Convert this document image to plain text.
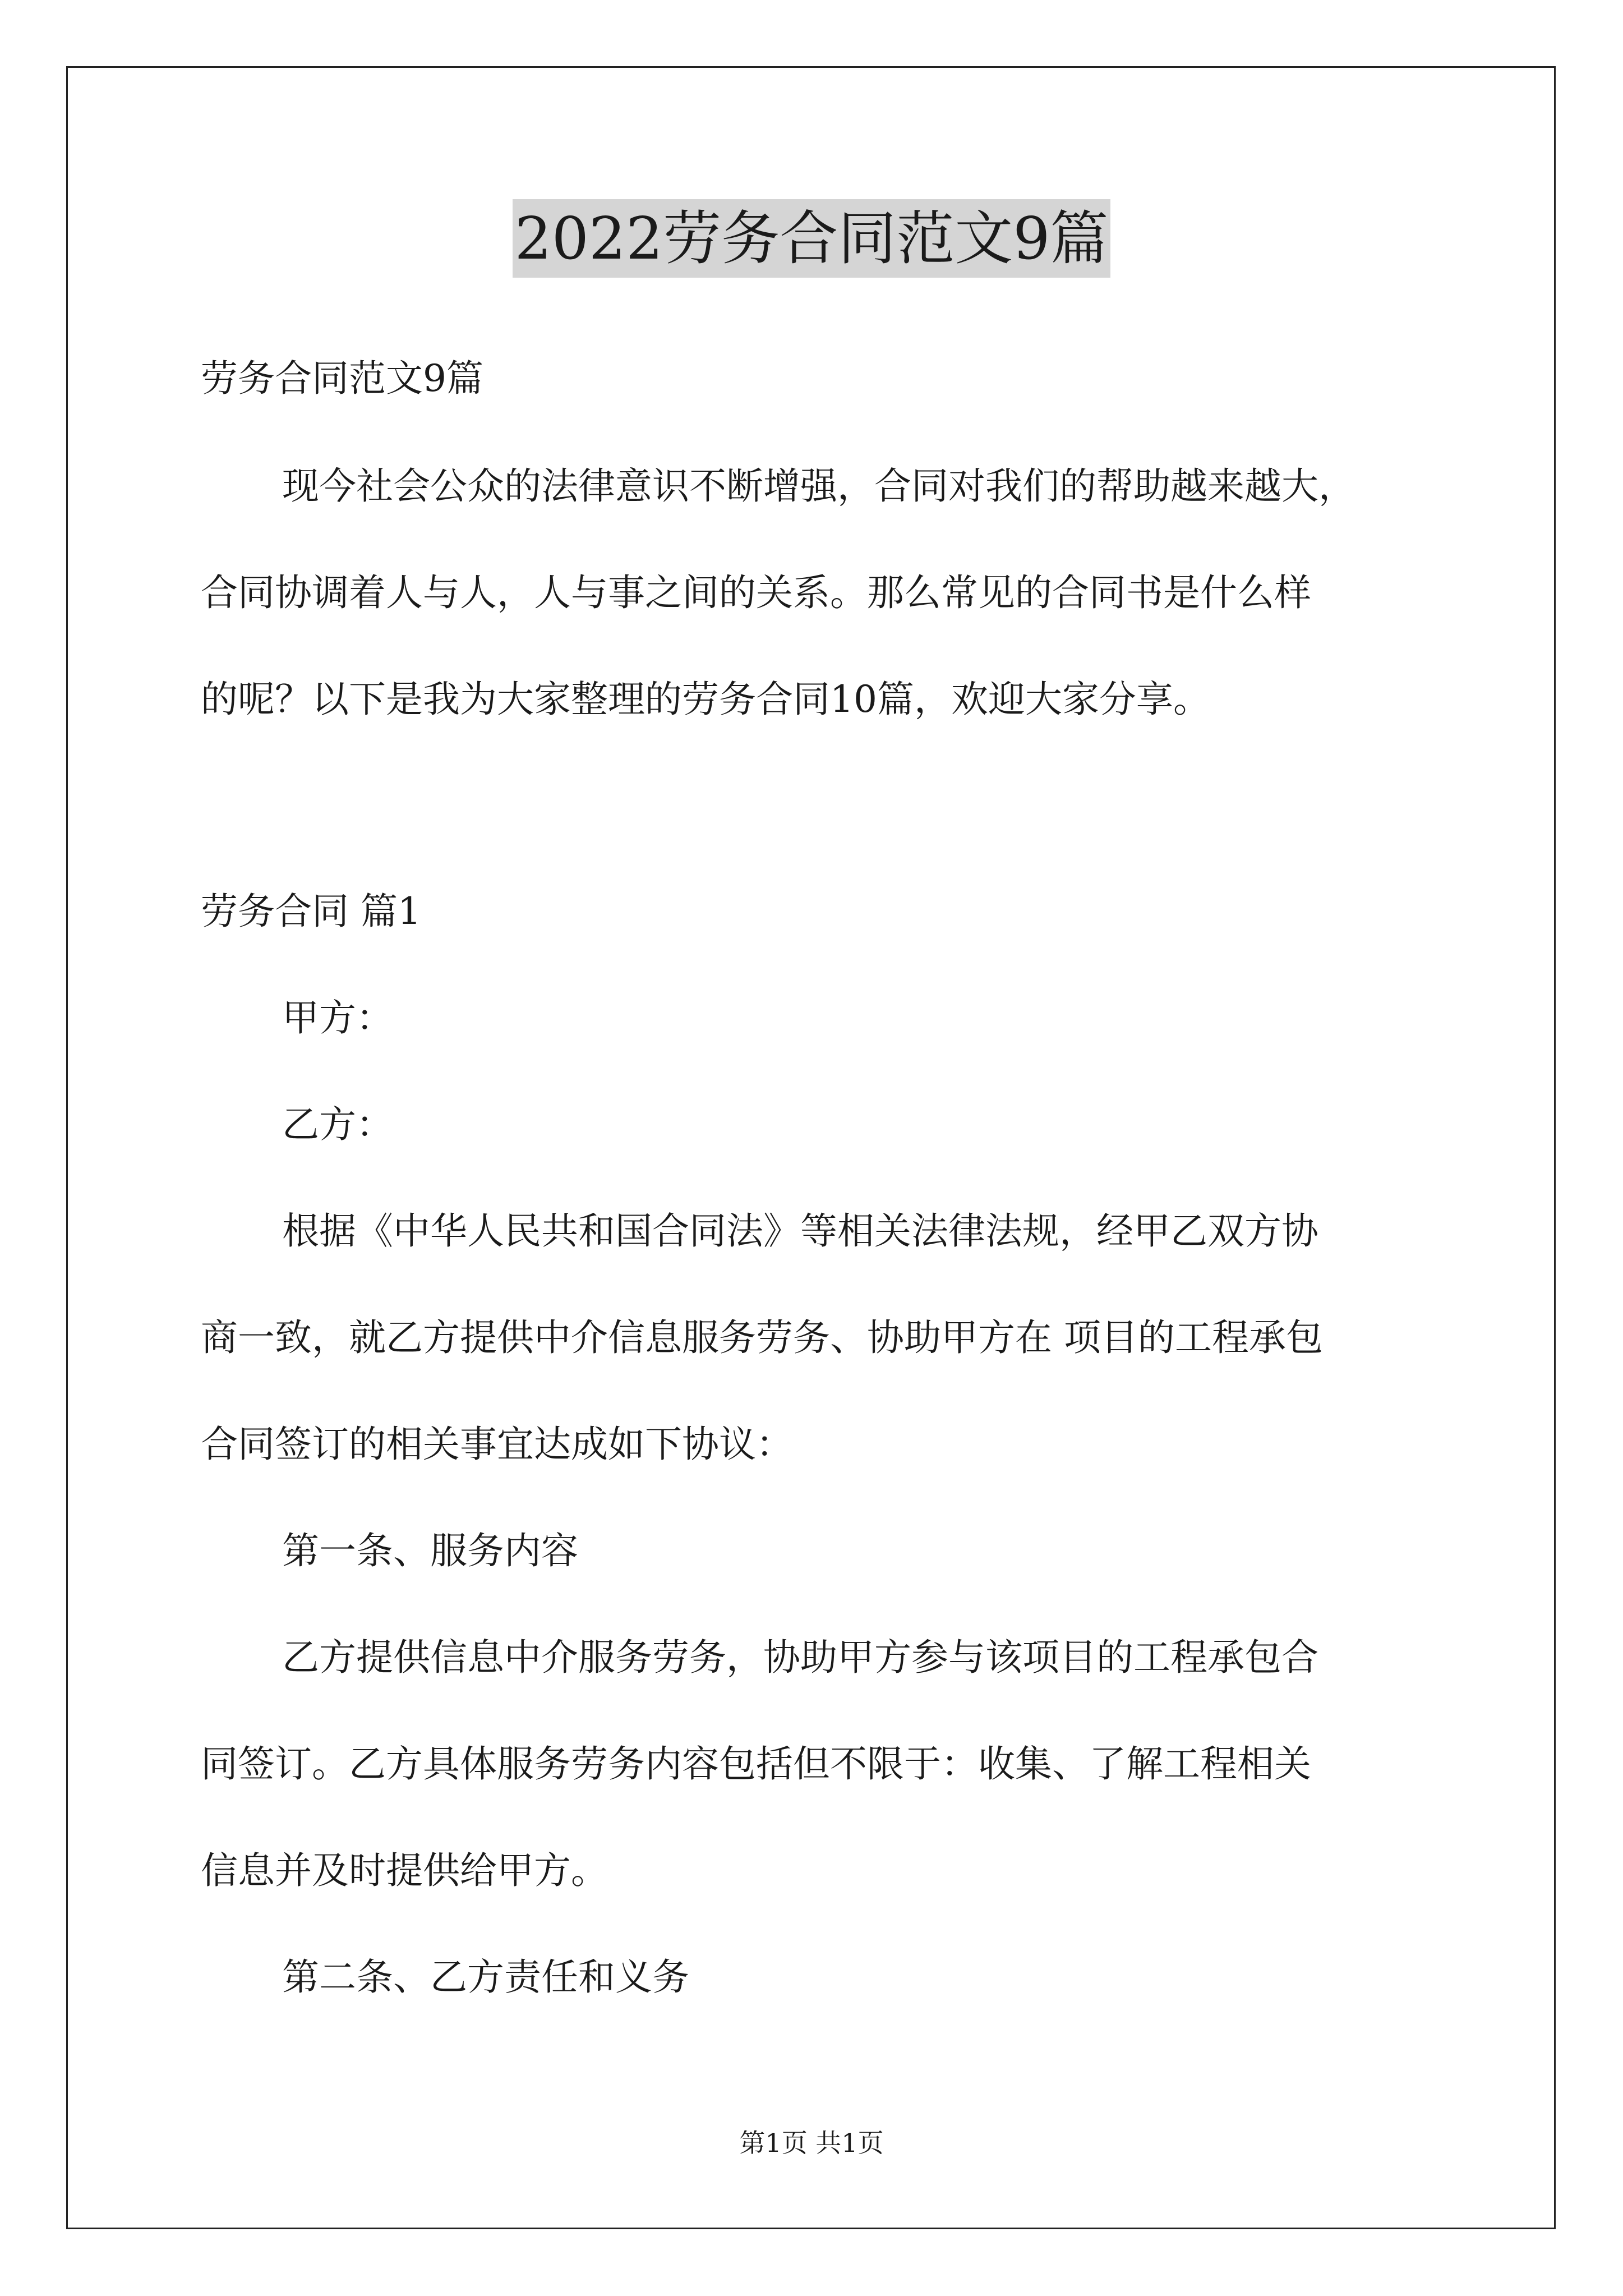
2022劳务合同范文9篇
劳务合同范文9篇
现今社会公众的法律意识不断增强，合同对我们的帮助越来越大，
合同协调着人与人，人与事之间的关系。那么常见的合同书是什么样
的呢？以下是我为大家整理的劳务合同10篇，欢迎大家分享。
劳务合同 篇1
甲方：
乙方：
根据《中华人民共和国合同法》等相关法律法规，经甲乙双方协
商一致，就乙方提供中介信息服务劳务、协助甲方在 项目的工程承包
合同签订的相关事宜达成如下协议：
第一条、服务内容
乙方提供信息中介服务劳务，协助甲方参与该项目的工程承包合
同签订。乙方具体服务劳务内容包括但不限于：收集、了解工程相关
信息并及时提供给甲方。
第二条、乙方责任和义务
第1页 共1页
